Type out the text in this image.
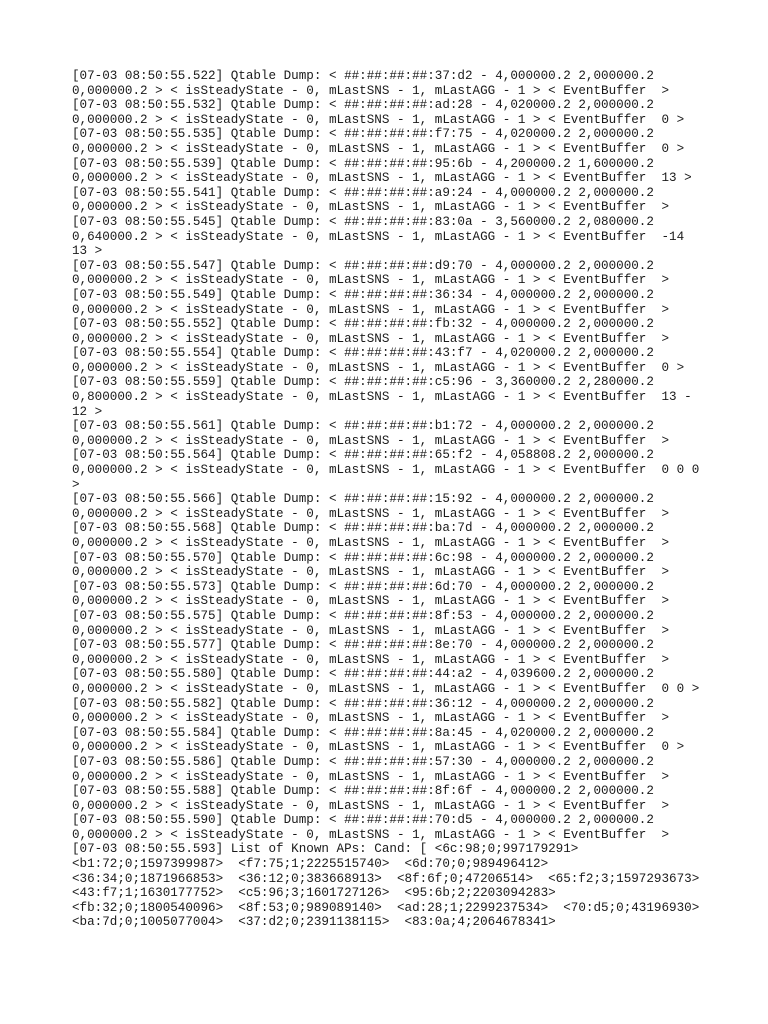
[07-03 08:50:55.522] Qtable Dump: < ##:##:##:##:37:d2 - 4,000000.2 2,000000.2
0,000000.2 > < isSteadyState - 0, mLastSNS - 1, mLastAGG - 1 > < EventBuffer  >
[07-03 08:50:55.532] Qtable Dump: < ##:##:##:##:ad:28 - 4,020000.2 2,000000.2
0,000000.2 > < isSteadyState - 0, mLastSNS - 1, mLastAGG - 1 > < EventBuffer  0 >
[07-03 08:50:55.535] Qtable Dump: < ##:##:##:##:f7:75 - 4,020000.2 2,000000.2
0,000000.2 > < isSteadyState - 0, mLastSNS - 1, mLastAGG - 1 > < EventBuffer  0 >
[07-03 08:50:55.539] Qtable Dump: < ##:##:##:##:95:6b - 4,200000.2 1,600000.2
0,000000.2 > < isSteadyState - 0, mLastSNS - 1, mLastAGG - 1 > < EventBuffer  13 >
[07-03 08:50:55.541] Qtable Dump: < ##:##:##:##:a9:24 - 4,000000.2 2,000000.2
0,000000.2 > < isSteadyState - 0, mLastSNS - 1, mLastAGG - 1 > < EventBuffer  >
[07-03 08:50:55.545] Qtable Dump: < ##:##:##:##:83:0a - 3,560000.2 2,080000.2
0,640000.2 > < isSteadyState - 0, mLastSNS - 1, mLastAGG - 1 > < EventBuffer  -14
13 >
[07-03 08:50:55.547] Qtable Dump: < ##:##:##:##:d9:70 - 4,000000.2 2,000000.2
0,000000.2 > < isSteadyState - 0, mLastSNS - 1, mLastAGG - 1 > < EventBuffer  >
[07-03 08:50:55.549] Qtable Dump: < ##:##:##:##:36:34 - 4,000000.2 2,000000.2
0,000000.2 > < isSteadyState - 0, mLastSNS - 1, mLastAGG - 1 > < EventBuffer  >
[07-03 08:50:55.552] Qtable Dump: < ##:##:##:##:fb:32 - 4,000000.2 2,000000.2
0,000000.2 > < isSteadyState - 0, mLastSNS - 1, mLastAGG - 1 > < EventBuffer  >
[07-03 08:50:55.554] Qtable Dump: < ##:##:##:##:43:f7 - 4,020000.2 2,000000.2
0,000000.2 > < isSteadyState - 0, mLastSNS - 1, mLastAGG - 1 > < EventBuffer  0 >
[07-03 08:50:55.559] Qtable Dump: < ##:##:##:##:c5:96 - 3,360000.2 2,280000.2
0,800000.2 > < isSteadyState - 0, mLastSNS - 1, mLastAGG - 1 > < EventBuffer  13 -
12 >
[07-03 08:50:55.561] Qtable Dump: < ##:##:##:##:b1:72 - 4,000000.2 2,000000.2
0,000000.2 > < isSteadyState - 0, mLastSNS - 1, mLastAGG - 1 > < EventBuffer  >
[07-03 08:50:55.564] Qtable Dump: < ##:##:##:##:65:f2 - 4,058808.2 2,000000.2
0,000000.2 > < isSteadyState - 0, mLastSNS - 1, mLastAGG - 1 > < EventBuffer  0 0 0
>
[07-03 08:50:55.566] Qtable Dump: < ##:##:##:##:15:92 - 4,000000.2 2,000000.2
0,000000.2 > < isSteadyState - 0, mLastSNS - 1, mLastAGG - 1 > < EventBuffer  >
[07-03 08:50:55.568] Qtable Dump: < ##:##:##:##:ba:7d - 4,000000.2 2,000000.2
0,000000.2 > < isSteadyState - 0, mLastSNS - 1, mLastAGG - 1 > < EventBuffer  >
[07-03 08:50:55.570] Qtable Dump: < ##:##:##:##:6c:98 - 4,000000.2 2,000000.2
0,000000.2 > < isSteadyState - 0, mLastSNS - 1, mLastAGG - 1 > < EventBuffer  >
[07-03 08:50:55.573] Qtable Dump: < ##:##:##:##:6d:70 - 4,000000.2 2,000000.2
0,000000.2 > < isSteadyState - 0, mLastSNS - 1, mLastAGG - 1 > < EventBuffer  >
[07-03 08:50:55.575] Qtable Dump: < ##:##:##:##:8f:53 - 4,000000.2 2,000000.2
0,000000.2 > < isSteadyState - 0, mLastSNS - 1, mLastAGG - 1 > < EventBuffer  >
[07-03 08:50:55.577] Qtable Dump: < ##:##:##:##:8e:70 - 4,000000.2 2,000000.2
0,000000.2 > < isSteadyState - 0, mLastSNS - 1, mLastAGG - 1 > < EventBuffer  >
[07-03 08:50:55.580] Qtable Dump: < ##:##:##:##:44:a2 - 4,039600.2 2,000000.2
0,000000.2 > < isSteadyState - 0, mLastSNS - 1, mLastAGG - 1 > < EventBuffer  0 0 >
[07-03 08:50:55.582] Qtable Dump: < ##:##:##:##:36:12 - 4,000000.2 2,000000.2
0,000000.2 > < isSteadyState - 0, mLastSNS - 1, mLastAGG - 1 > < EventBuffer  >
[07-03 08:50:55.584] Qtable Dump: < ##:##:##:##:8a:45 - 4,020000.2 2,000000.2
0,000000.2 > < isSteadyState - 0, mLastSNS - 1, mLastAGG - 1 > < EventBuffer  0 >
[07-03 08:50:55.586] Qtable Dump: < ##:##:##:##:57:30 - 4,000000.2 2,000000.2
0,000000.2 > < isSteadyState - 0, mLastSNS - 1, mLastAGG - 1 > < EventBuffer  >
[07-03 08:50:55.588] Qtable Dump: < ##:##:##:##:8f:6f - 4,000000.2 2,000000.2
0,000000.2 > < isSteadyState - 0, mLastSNS - 1, mLastAGG - 1 > < EventBuffer  >
[07-03 08:50:55.590] Qtable Dump: < ##:##:##:##:70:d5 - 4,000000.2 2,000000.2
0,000000.2 > < isSteadyState - 0, mLastSNS - 1, mLastAGG - 1 > < EventBuffer  >
[07-03 08:50:55.593] List of Known APs: Cand: [ <6c:98;0;997179291>
<b1:72;0;1597399987>  <f7:75;1;2225515740>  <6d:70;0;989496412>
<36:34;0;1871966853>  <36:12;0;383668913>  <8f:6f;0;47206514>  <65:f2;3;1597293673>
<43:f7;1;1630177752>  <c5:96;3;1601727126>  <95:6b;2;2203094283>
<fb:32;0;1800540096>  <8f:53;0;989089140>  <ad:28;1;2299237534>  <70:d5;0;43196930>
<ba:7d;0;1005077004>  <37:d2;0;2391138115>  <83:0a;4;2064678341>
